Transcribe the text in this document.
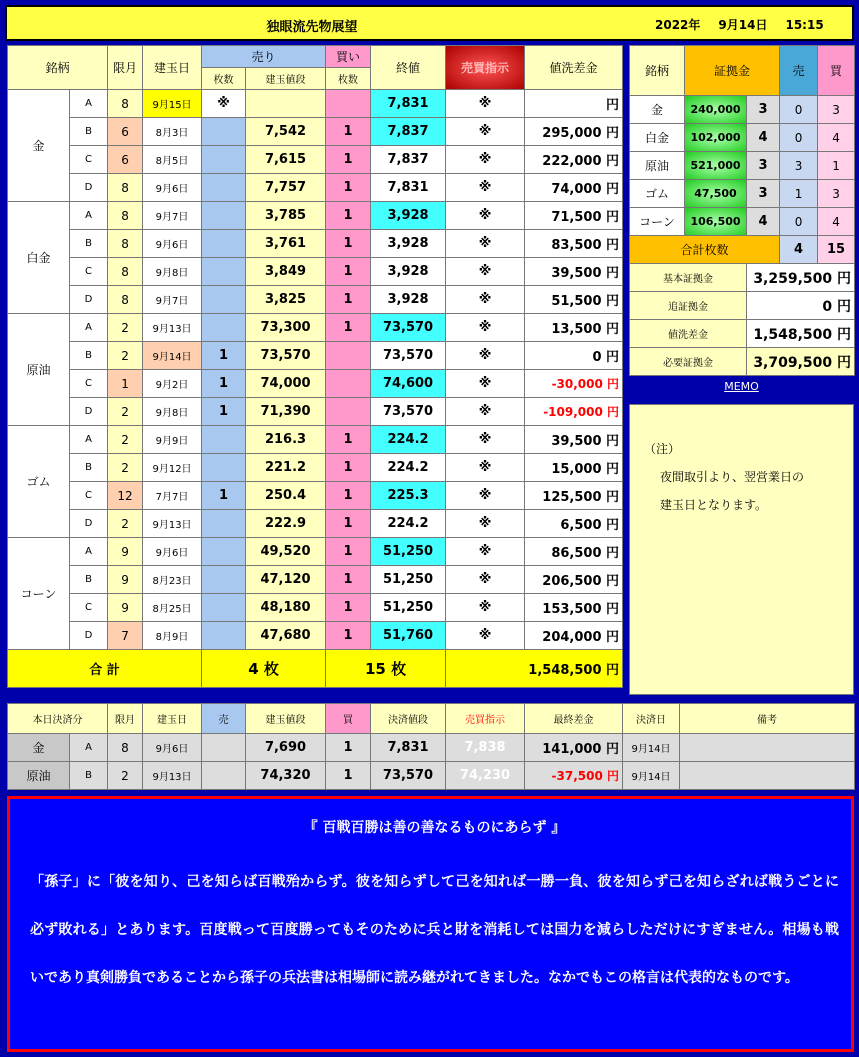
独眼流先物展望	2022年 9月14日 15:15
銘柄		限月	建玉日	売り		買い	終値	売買指示	値洗差金
				枚数	建玉値段	枚数			
金	A	8	9月15日	※			7,831	※	円
	B	6	8月3日		7,542	1	7,837	※	295,000 円
	C	6	8月5日		7,615	1	7,837	※	222,000 円
	D	8	9月6日		7,757	1	7,831	※	74,000 円
白金	A	8	9月7日		3,785	1	3,928	※	71,500 円
	B	8	9月6日		3,761	1	3,928	※	83,500 円
	C	8	9月8日		3,849	1	3,928	※	39,500 円
	D	8	9月7日		3,825	1	3,928	※	51,500 円
原油	A	2	9月13日		73,300	1	73,570	※	13,500 円
	B	2	9月14日	1	73,570		73,570	※	0 円
	C	1	9月2日	1	74,000		74,600	※	-30,000 円
	D	2	9月8日	1	71,390		73,570	※	-109,000 円
ゴム	A	2	9月9日		216.3	1	224.2	※	39,500 円
	B	2	9月12日		221.2	1	224.2	※	15,000 円
	C	12	7月7日	1	250.4	1	225.3	※	125,500 円
	D	2	9月13日		222.9	1	224.2	※	6,500 円
コーン	A	9	9月6日		49,520	1	51,250	※	86,500 円
	B	9	8月23日		47,120	1	51,250	※	206,500 円
	C	9	8月25日		48,180	1	51,250	※	153,500 円
	D	7	8月9日		47,680	1	51,760	※	204,000 円
合 計				4 枚		15 枚		1,548,500 円	
銘柄	証拠金		売	買
金	240,000	3	0	3
白金	102,000	4	0	4
原油	521,000	3	3	1
ゴム	47,500	3	1	3
コーン	106,500	4	0	4
合計枚数			4	15
基本証拠金		3,259,500 円		
追証拠金		0 円		
値洗差金		1,548,500 円		
必要証拠金		3,709,500 円		
MEMO
（注）
夜間取引より、翌営業日の
建玉日となります。
本日決済分		限月	建玉日	売	建玉値段	買	決済値段	売買指示	最終差金	決済日	備考
金	A	8	9月6日		7,690	1	7,831	7,838	141,000 円	9月14日	
原油	B	2	9月13日		74,320	1	73,570	74,230	-37,500 円	9月14日	
『 百戦百勝は善の善なるものにあらず 』
「孫子」に「彼を知り、己を知らば百戦殆からず。彼を知らずして己を知れば一勝一負、彼を知らず己を知らざれば戦うごとに必ず敗れる」とあります。百度戦って百度勝ってもそのために兵と財を消耗しては国力を減らしただけにすぎません。相場も戦いであり真剣勝負であることから孫子の兵法書は相場師に読み継がれてきました。なかでもこの格言は代表的なものです。
